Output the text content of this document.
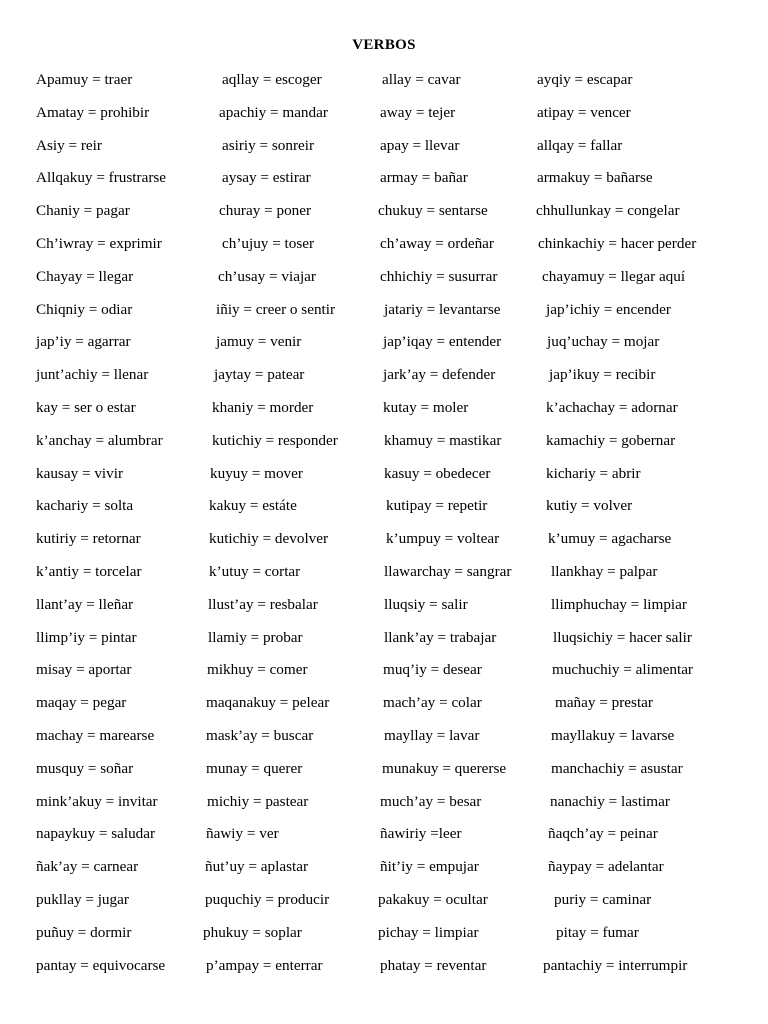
VERBOS
Apamuy = traer	aqllay = escoger	allay = cavar	ayqiy = escapar
Amatay = prohibir	apachiy = mandar	away = tejer	atipay = vencer
Asiy = reir	asiriy = sonreir	apay = llevar	allqay = fallar
Allqakuy = frustrarse	aysay = estirar	armay = bañar	armakuy = bañarse
Chaniy = pagar	churay = poner	chukuy = sentarse	chhullunkay = congelar
Ch’iwray = exprimir	ch’ujuy = toser	ch’away = ordeñar	chinkachiy = hacer perder
Chayay = llegar	ch’usay = viajar	chhichiy = susurrar	chayamuy = llegar aquí
Chiqniy = odiar	iñiy = creer o sentir	jatariy = levantarse	jap’ichiy = encender
jap’iy = agarrar	jamuy = venir	jap’iqay = entender	juq’uchay = mojar
junt’achiy = llenar	jaytay = patear	jark’ay = defender	jap’ikuy = recibir
kay = ser o estar	khaniy = morder	kutay = moler	k’achachay = adornar
k’anchay = alumbrar	kutichiy = responder	khamuy = mastikar	kamachiy = gobernar
kausay = vivir	kuyuy = mover	kasuy = obedecer	kichariy = abrir
kachariy = solta	kakuy = estáte	kutipay = repetir	kutiy = volver
kutiriy = retornar	kutichiy = devolver	k’umpuy = voltear	k’umuy = agacharse
k’antiy = torcelar	k’utuy = cortar	llawarchay = sangrar	llankhay = palpar
llant’ay = lleñar	llust’ay = resbalar	lluqsiy = salir	llimphuchay = limpiar
llimp’iy = pintar	llamiy = probar	llank’ay = trabajar	lluqsichiy = hacer salir
misay = aportar	mikhuy = comer	muq’iy = desear	muchuchiy = alimentar
maqay = pegar	maqanakuy = pelear	mach’ay = colar	mañay = prestar
machay = marearse	mask’ay = buscar	mayllay = lavar	mayllakuy = lavarse
musquy = soñar	munay = querer	munakuy = quererse	manchachiy = asustar
mink’akuy = invitar	michiy = pastear	much’ay = besar	nanachiy = lastimar
napaykuy = saludar	ñawiy = ver	ñawiriy =leer	ñaqch’ay = peinar
ñak’ay = carnear	ñut’uy = aplastar	ñit’iy = empujar	ñaypay = adelantar
pukllay = jugar	puquchiy = producir	pakakuy = ocultar	puriy = caminar
puñuy = dormir	phukuy = soplar	pichay = limpiar	pitay = fumar
pantay = equivocarse	p’ampay = enterrar	phatay = reventar	pantachiy = interrumpir
